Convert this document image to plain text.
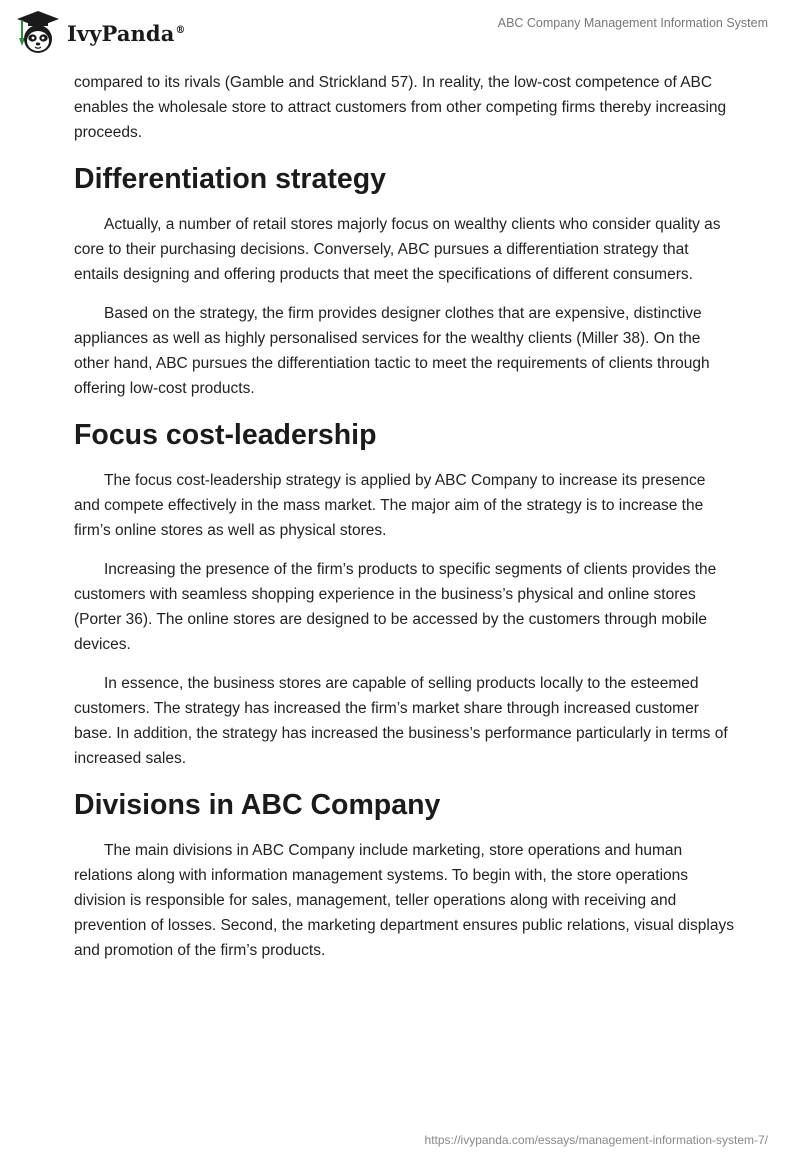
IvyPanda®	ABC Company Management Information System

compared to its rivals (Gamble and Strickland 57). In reality, the low-cost competence of ABC enables the wholesale store to attract customers from other competing firms thereby increasing proceeds.

Differentiation strategy

Actually, a number of retail stores majorly focus on wealthy clients who consider quality as core to their purchasing decisions. Conversely, ABC pursues a differentiation strategy that entails designing and offering products that meet the specifications of different consumers.

Based on the strategy, the firm provides designer clothes that are expensive, distinctive appliances as well as highly personalised services for the wealthy clients (Miller 38). On the other hand, ABC pursues the differentiation tactic to meet the requirements of clients through offering low-cost products.

Focus cost-leadership

The focus cost-leadership strategy is applied by ABC Company to increase its presence and compete effectively in the mass market. The major aim of the strategy is to increase the firm’s online stores as well as physical stores.

Increasing the presence of the firm’s products to specific segments of clients provides the customers with seamless shopping experience in the business’s physical and online stores (Porter 36). The online stores are designed to be accessed by the customers through mobile devices.

In essence, the business stores are capable of selling products locally to the esteemed customers. The strategy has increased the firm’s market share through increased customer base. In addition, the strategy has increased the business’s performance particularly in terms of increased sales.

Divisions in ABC Company

The main divisions in ABC Company include marketing, store operations and human relations along with information management systems. To begin with, the store operations division is responsible for sales, management, teller operations along with receiving and prevention of losses. Second, the marketing department ensures public relations, visual displays and promotion of the firm’s products.

https://ivypanda.com/essays/management-information-system-7/
